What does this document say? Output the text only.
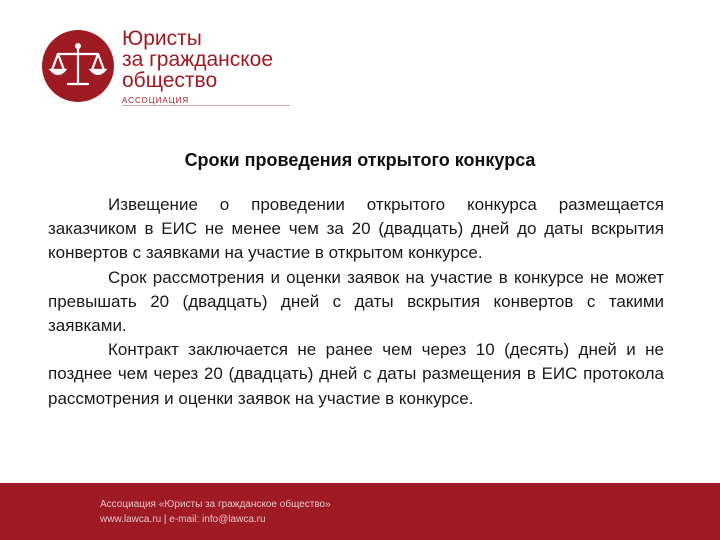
Юристы
за гражданское
общество
АССОЦИАЦИЯ
Сроки проведения открытого конкурса

Извещение о проведении открытого конкурса размещается заказчиком в ЕИС не менее чем за 20 (двадцать) дней до даты вскрытия конвертов с заявками на участие в открытом конкурсе.

Срок рассмотрения и оценки заявок на участие в конкурсе не может превышать 20 (двадцать) дней с даты вскрытия конвертов с такими заявками.

Контракт заключается не ранее чем через 10 (десять) дней и не позднее чем через 20 (двадцать) дней с даты размещения в ЕИС протокола рассмотрения и оценки заявок на участие в конкурсе.

Ассоциация «Юристы за гражданское общество»
www.lawca.ru | e-mail: info@lawca.ru
